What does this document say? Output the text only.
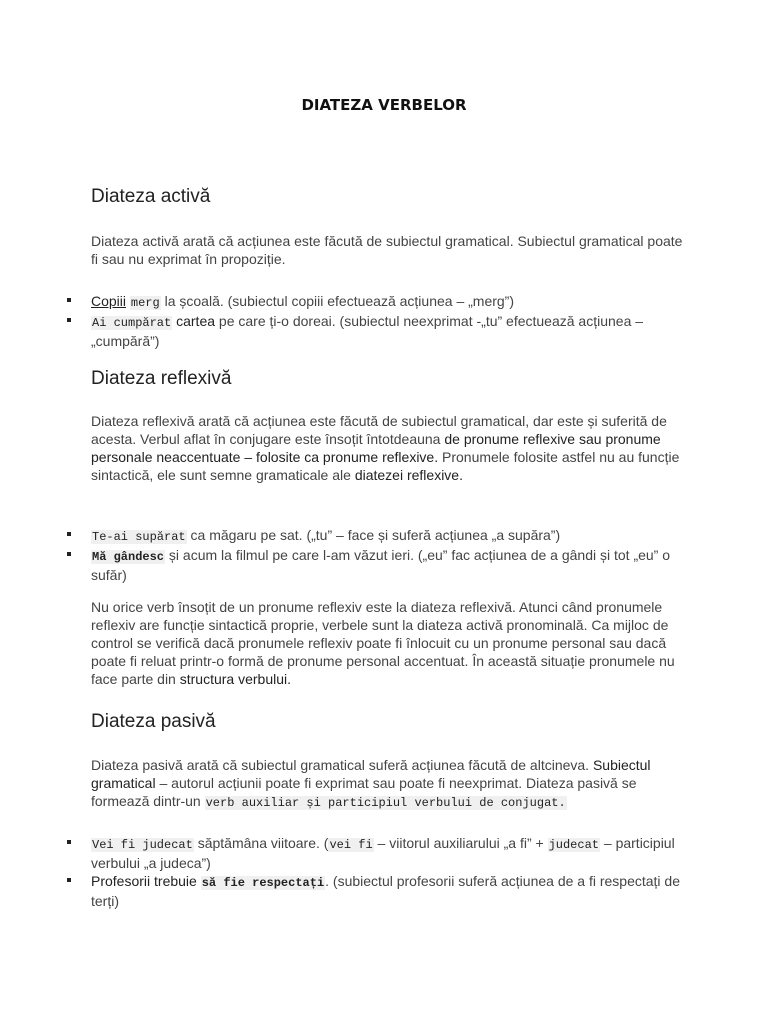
DIATEZA VERBELOR
Diateza activă
Diateza activă arată că acțiunea este făcută de subiectul gramatical. Subiectul gramatical poate fi sau nu exprimat în propoziție.
Copiii merg la școală. (subiectul copiii efectuează acțiunea – „merg”)
Ai cumpărat cartea pe care ți-o doreai. (subiectul neexprimat -„tu” efectuează acțiunea – „cumpără”)
Diateza reflexivă
Diateza reflexivă arată că acțiunea este făcută de subiectul gramatical, dar este și suferită de acesta. Verbul aflat în conjugare este însoțit întotdeauna de pronume reflexive sau pronume personale neaccentuate – folosite ca pronume reflexive. Pronumele folosite astfel nu au funcție sintactică, ele sunt semne gramaticale ale diatezei reflexive.
Te-ai supărat ca măgaru pe sat. („tu” – face și suferă acțiunea „a supăra”)
Mă gândesc și acum la filmul pe care l-am văzut ieri. („eu” fac acțiunea de a gândi și tot „eu” o sufăr)
Nu orice verb însoțit de un pronume reflexiv este la diateza reflexivă. Atunci când pronumele reflexiv are funcție sintactică proprie, verbele sunt la diateza activă pronominală. Ca mijloc de control se verifică dacă pronumele reflexiv poate fi înlocuit cu un pronume personal sau dacă poate fi reluat printr-o formă de pronume personal accentuat. În această situație pronumele nu face parte din structura verbului.
Diateza pasivă
Diateza pasivă arată că subiectul gramatical suferă acțiunea făcută de altcineva. Subiectul gramatical – autorul acțiunii poate fi exprimat sau poate fi neexprimat. Diateza pasivă se formează dintr-un verb auxiliar și participiul verbului de conjugat.
Vei fi judecat săptămâna viitoare. (vei fi – viitorul auxiliarului „a fi” + judecat – participiul verbului „a judeca”)
Profesorii trebuie să fie respectați. (subiectul profesorii suferă acțiunea de a fi respectați de terți)
